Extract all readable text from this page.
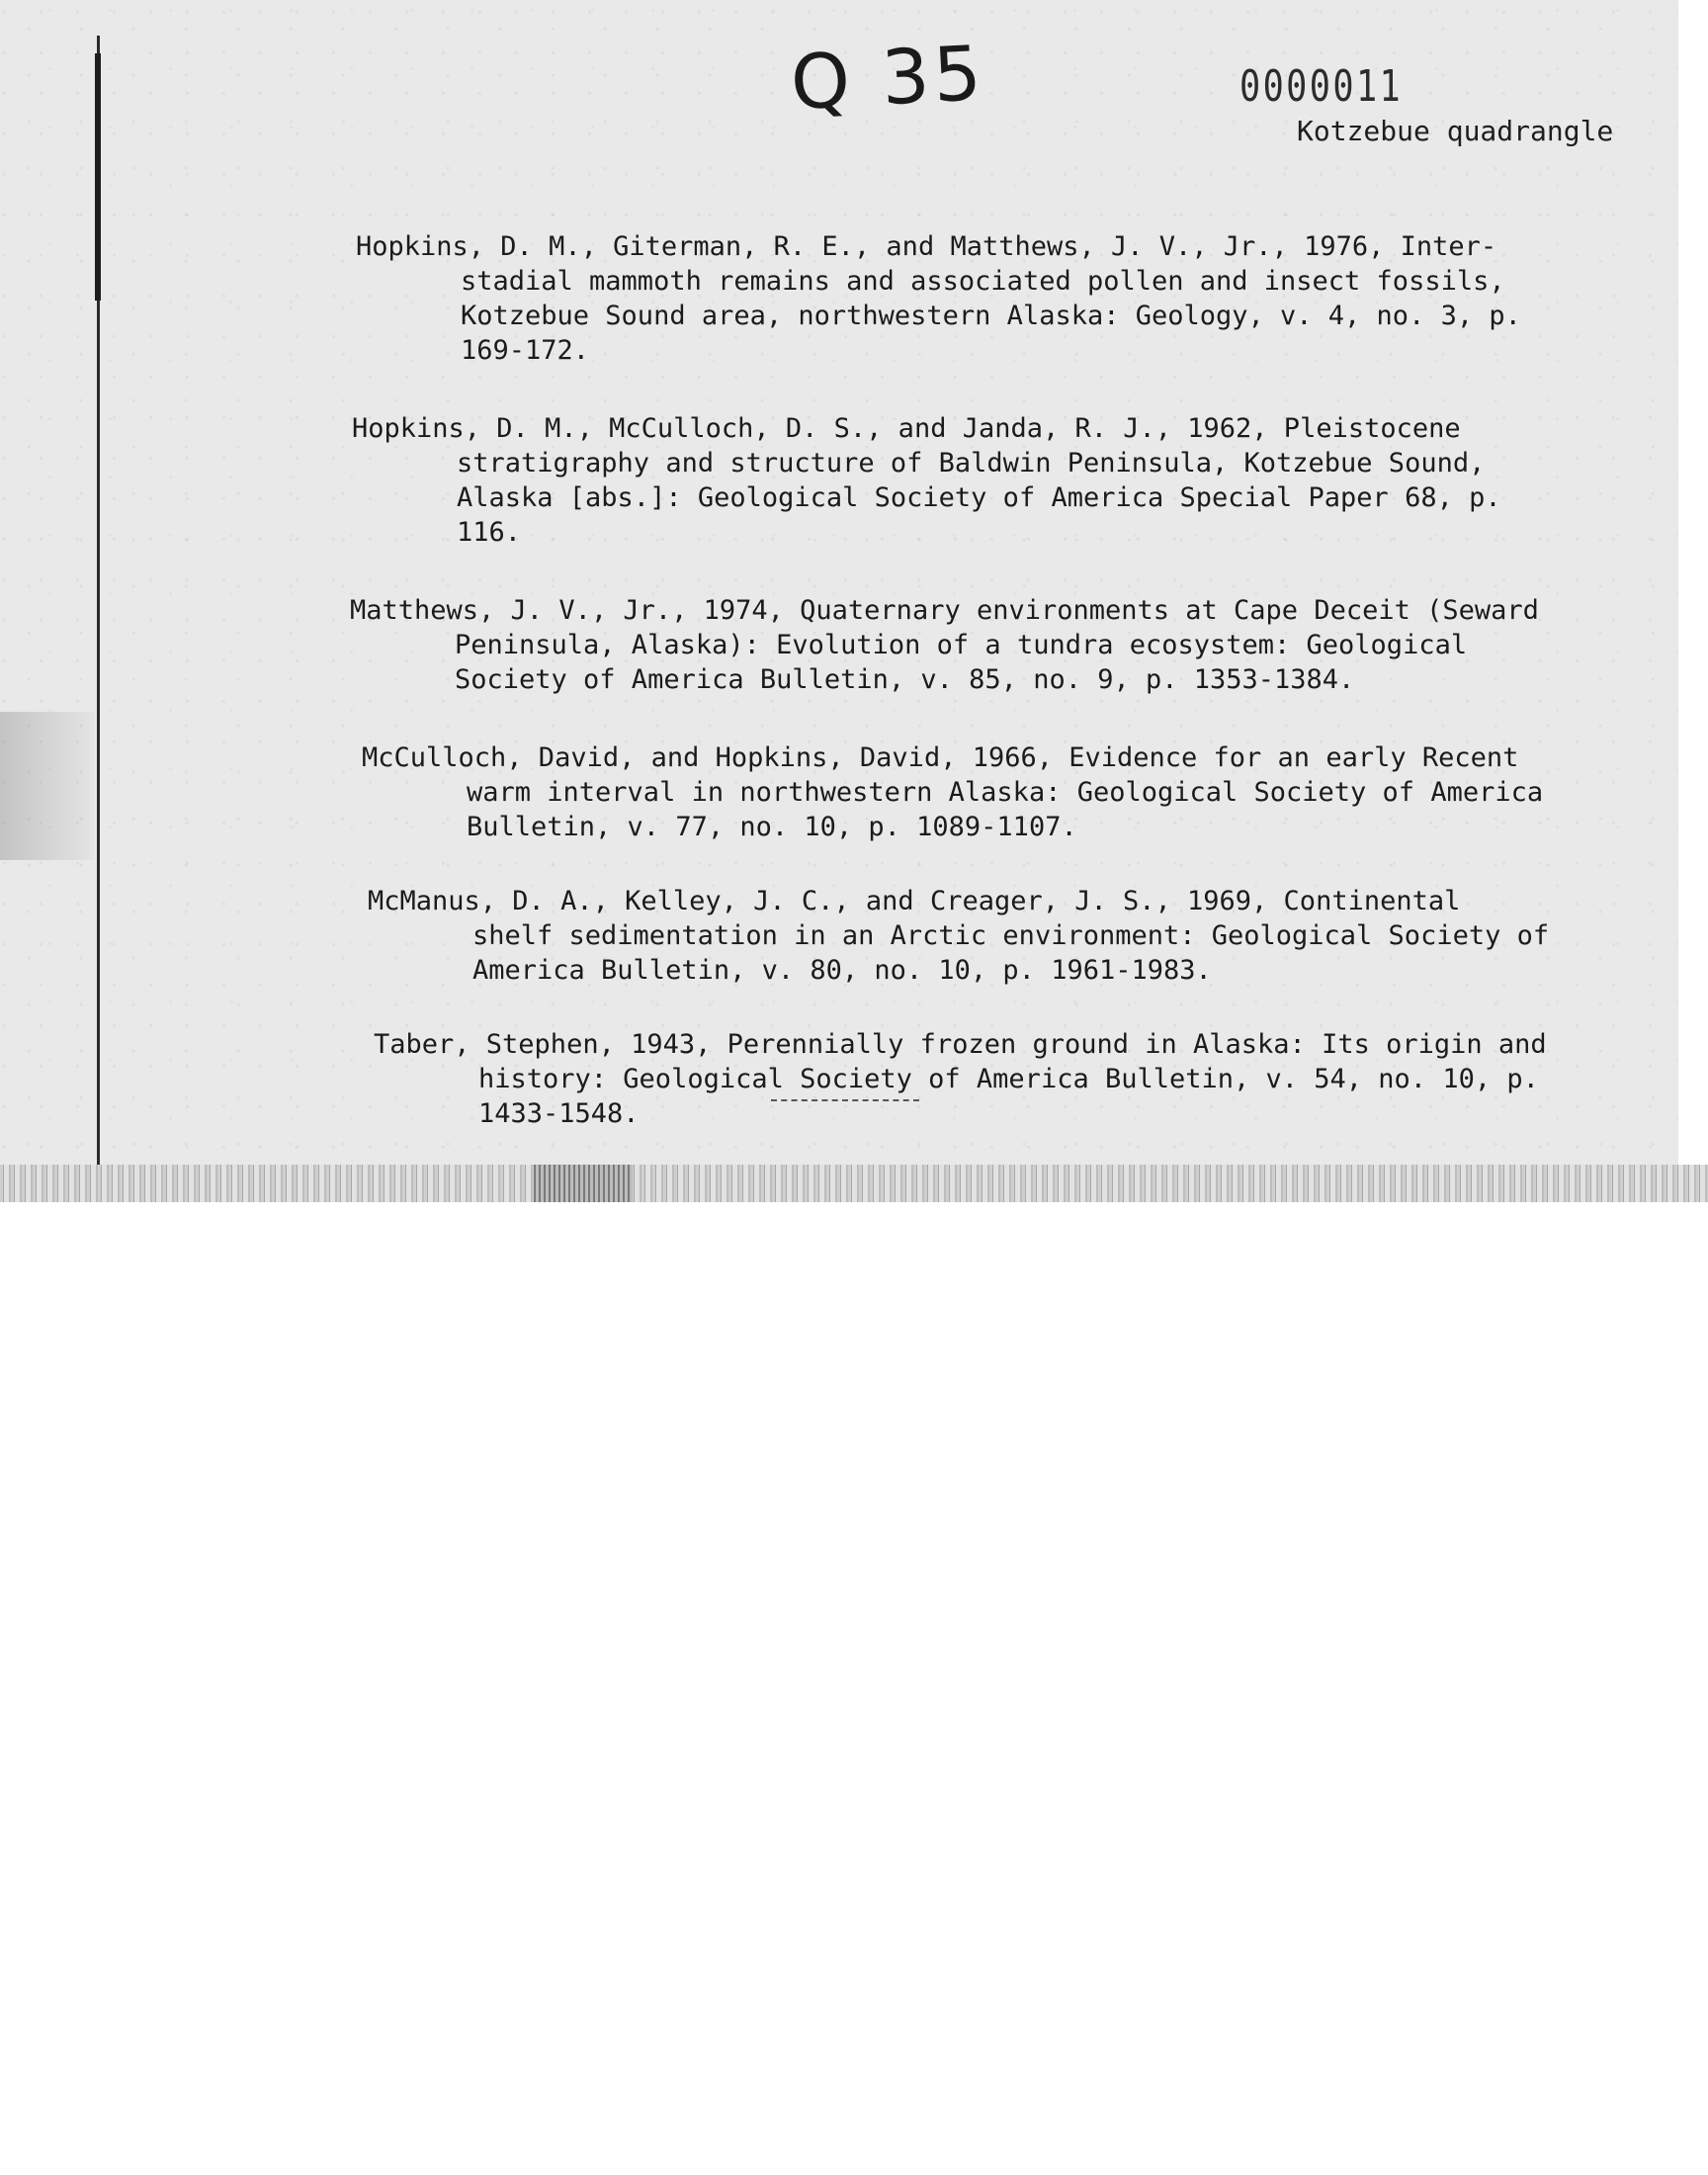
Q 35	0000011
Kotzebue quadrangle

Hopkins, D. M., Giterman, R. E., and Matthews, J. V., Jr., 1976, Inter-stadial mammoth remains and associated pollen and insect fossils, Kotzebue Sound area, northwestern Alaska: Geology, v. 4, no. 3, p. 169-172.

Hopkins, D. M., McCulloch, D. S., and Janda, R. J., 1962, Pleistocene stratigraphy and structure of Baldwin Peninsula, Kotzebue Sound, Alaska [abs.]: Geological Society of America Special Paper 68, p. 116.

Matthews, J. V., Jr., 1974, Quaternary environments at Cape Deceit (Seward Peninsula, Alaska): Evolution of a tundra ecosystem: Geological Society of America Bulletin, v. 85, no. 9, p. 1353-1384.

McCulloch, David, and Hopkins, David, 1966, Evidence for an early Recent warm interval in northwestern Alaska: Geological Society of America Bulletin, v. 77, no. 10, p. 1089-1107.

McManus, D. A., Kelley, J. C., and Creager, J. S., 1969, Continental shelf sedimentation in an Arctic environment: Geological Society of America Bulletin, v. 80, no. 10, p. 1961-1983.

Taber, Stephen, 1943, Perennially frozen ground in Alaska: Its origin and history: Geological Society of America Bulletin, v. 54, no. 10, p. 1433-1548.
